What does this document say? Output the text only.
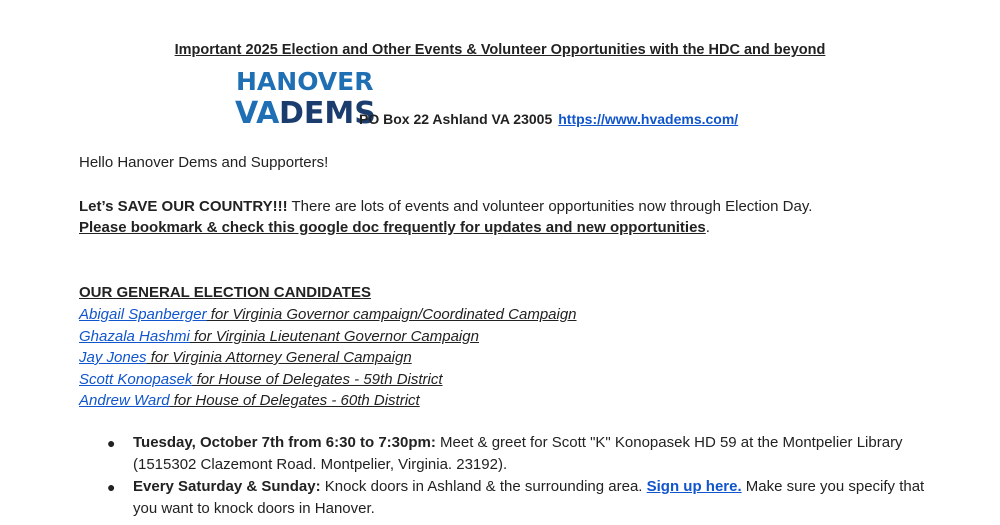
Important 2025 Election and Other Events & Volunteer Opportunities with the HDC and beyond
HANOVER
VA DEMS
PO Box 22 Ashland VA 23005 https://www.hvadems.com/
Hello Hanover Dems and Supporters!
Let’s SAVE OUR COUNTRY!!! There are lots of events and volunteer opportunities now through Election Day.
Please bookmark & check this google doc frequently for updates and new opportunities.
OUR GENERAL ELECTION CANDIDATES
Abigail Spanberger for Virginia Governor campaign/Coordinated Campaign
Ghazala Hashmi for Virginia Lieutenant Governor Campaign
Jay Jones for Virginia Attorney General Campaign
Scott Konopasek for House of Delegates - 59th District
Andrew Ward for House of Delegates - 60th District
● Tuesday, October 7th from 6:30 to 7:30pm: Meet & greet for Scott "K" Konopasek HD 59 at the Montpelier Library (1515302 Clazemont Road. Montpelier, Virginia. 23192).
● Every Saturday & Sunday: Knock doors in Ashland & the surrounding area. Sign up here. Make sure you specify that you want to knock doors in Hanover.
